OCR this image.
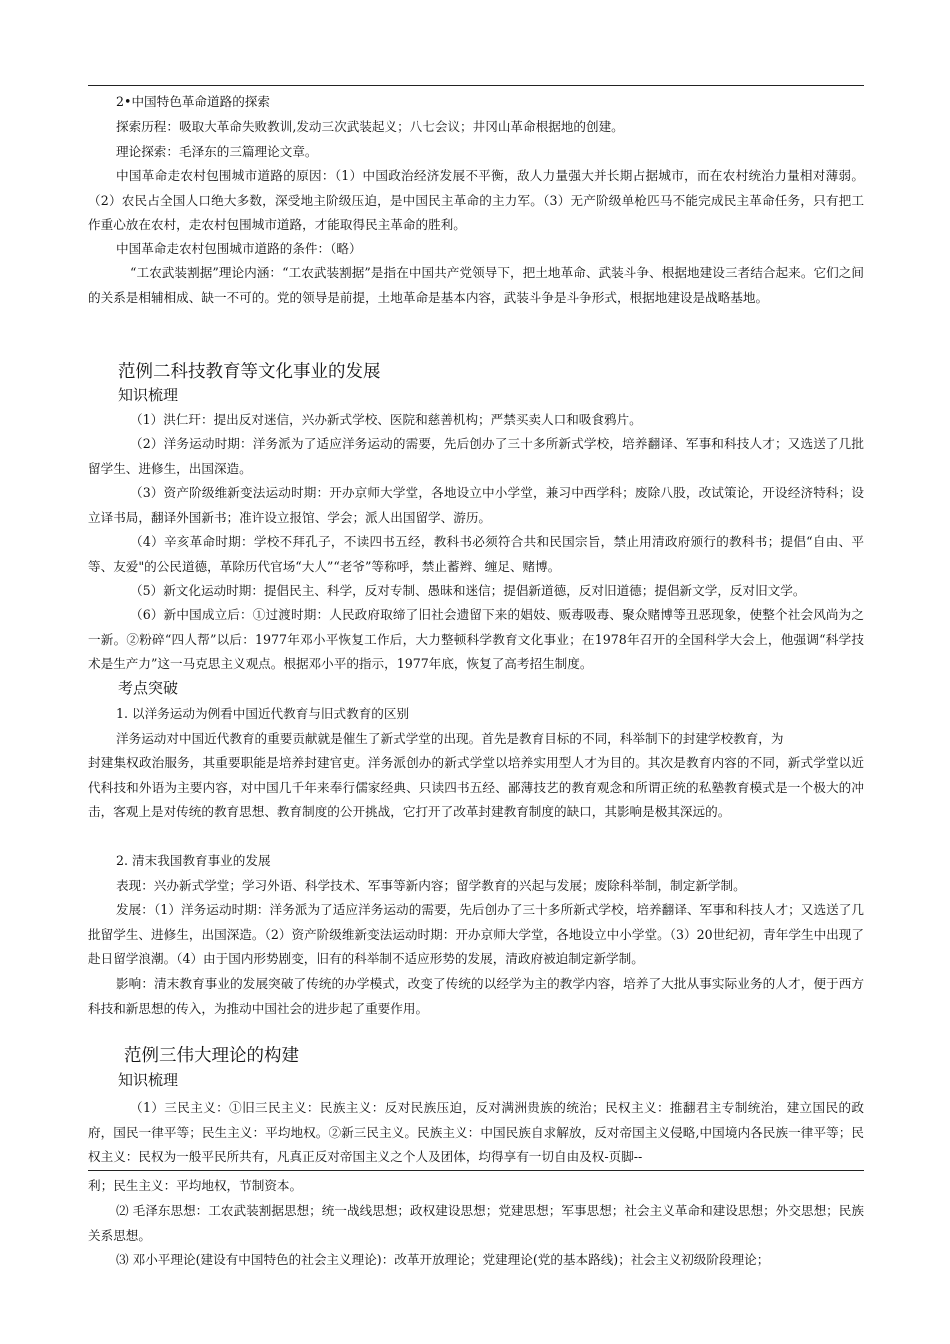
2•中国特色革命道路的探索
探索历程：吸取大革命失败教训,发动三次武装起义；八七会议；井冈山革命根据地的创建。
理论探索：毛泽东的三篇理论文章。
中国革命走农村包围城市道路的原因：（1）中国政治经济发展不平衡，敌人力量强大并长期占据城市，而在农村统治力量相对薄弱。（2）农民占全国人口绝大多数，深受地主阶级压迫，是中国民主革命的主力军。（3）无产阶级单枪匹马不能完成民主革命任务，只有把工作重心放在农村，走农村包围城市道路，才能取得民主革命的胜利。
中国革命走农村包围城市道路的条件：（略）
“工农武装割据”理论内涵：“工农武装割据”是指在中国共产党领导下，把土地革命、武装斗争、根据地建设三者结合起来。它们之间的关系是相辅相成、缺一不可的。党的领导是前提，土地革命是基本内容，武装斗争是斗争形式，根据地建设是战略基地。
范例二科技教育等文化事业的发展
知识梳理
（1）洪仁玕：提出反对迷信，兴办新式学校、医院和慈善机构；严禁买卖人口和吸食鸦片。
（2）洋务运动时期：洋务派为了适应洋务运动的需要，先后创办了三十多所新式学校，培养翻译、军事和科技人才；又选送了几批留学生、进修生，出国深造。
（3）资产阶级维新变法运动时期：开办京师大学堂，各地设立中小学堂，兼习中西学科；废除八股，改试策论，开设经济特科；设立译书局，翻译外国新书；准许设立报馆、学会；派人出国留学、游历。
（4）辛亥革命时期：学校不拜孔子，不读四书五经，教科书必须符合共和民国宗旨，禁止用清政府颁行的教科书；提倡“自由、平等、友爱"的公民道德，革除历代官场“大人”“老爷”等称呼，禁止蓄辫、缠足、赌博。
（5）新文化运动时期：提倡民主、科学，反对专制、愚昧和迷信；提倡新道德，反对旧道德；提倡新文学，反对旧文学。
（6）新中国成立后：①过渡时期：人民政府取缔了旧社会遗留下来的娼妓、贩毒吸毒、聚众赌博等丑恶现象，使整个社会风尚为之一新。②粉碎“四人帮”以后：1977年邓小平恢复工作后，大力整顿科学教育文化事业；在1978年召开的全国科学大会上，他强调“科学技术是生产力”这一马克思主义观点。根据邓小平的指示，1977年底，恢复了高考招生制度。
考点突破
1. 以洋务运动为例看中国近代教育与旧式教育的区别
洋务运动对中国近代教育的重要贡献就是催生了新式学堂的出现。首先是教育目标的不同，科举制下的封建学校教育，为
封建集权政治服务，其重要职能是培养封建官吏。洋务派创办的新式学堂以培养实用型人才为目的。其次是教育内容的不同，新式学堂以近代科技和外语为主要内容，对中国几千年来奉行儒家经典、只读四书五经、鄙薄技艺的教育观念和所谓正统的私塾教育模式是一个极大的冲击，客观上是对传统的教育思想、教育制度的公开挑战，它打开了改革封建教育制度的缺口，其影响是极其深远的。
2. 清末我国教育事业的发展
表现：兴办新式学堂；学习外语、科学技术、军事等新内容；留学教育的兴起与发展；废除科举制，制定新学制。
发展：（1）洋务运动时期：洋务派为了适应洋务运动的需要，先后创办了三十多所新式学校，培养翻译、军事和科技人才；又选送了几批留学生、进修生，出国深造。（2）资产阶级维新变法运动时期：开办京师大学堂，各地设立中小学堂。（3）20世纪初，青年学生中出现了赴日留学浪潮。（4）由于国内形势剧变，旧有的科举制不适应形势的发展，清政府被迫制定新学制。
影响：清末教育事业的发展突破了传统的办学模式，改变了传统的以经学为主的教学内容，培养了大批从事实际业务的人才，便于西方科技和新思想的传入，为推动中国社会的进步起了重要作用。
范例三伟大理论的构建
知识梳理
（1）三民主义：①旧三民主义：民族主义：反对民族压迫，反对满洲贵族的统治；民权主义：推翻君主专制统治，建立国民的政府，国民一律平等；民生主义：平均地权。②新三民主义。民族主义：中国民族自求解放，反对帝国主义侵略,中国境内各民族一律平等；民权主义：民权为一般平民所共有，凡真正反对帝国主义之个人及团体，均得享有一切自由及权-页脚--
利；民生主义：平均地权，节制资本。
⑵ 毛泽东思想：工农武装割据思想；统一战线思想；政权建设思想；党建思想；军事思想；社会主义革命和建设思想；外交思想；民族关系思想。
⑶ 邓小平理论(建设有中国特色的社会主义理论)：改革开放理论；党建理论(党的基本路线)；社会主义初级阶段理论；
